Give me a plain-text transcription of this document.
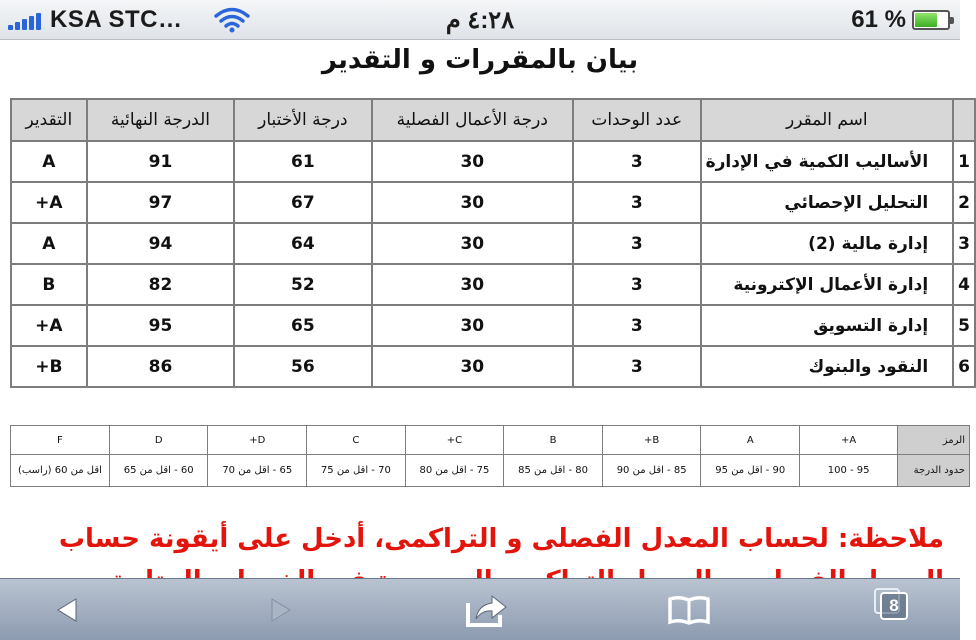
KSA STC…	٤:٢٨ م	61 %
بيان بالمقررات و التقدير
	اسم المقرر	عدد الوحدات	درجة الأعمال الفصلية	درجة الأختبار	الدرجة النهائية	التقدير
1	الأساليب الكمية في الإدارة	3	30	61	91	A
2	التحليل الإحصائي	3	30	67	97	A+
3	إدارة مالية (2)	3	30	64	94	A
4	إدارة الأعمال الإكترونية	3	30	52	82	B
5	إدارة التسويق	3	30	65	95	A+
6	النقود والبنوك	3	30	56	86	B+
الرمز	A+	A	B+	B	C+	C	D+	D	F
حدود الدرجة	95 - 100	90 - اقل من 95	85 - اقل من 90	80 - اقل من 85	75 - اقل من 80	70 - اقل من 75	65 - اقل من 70	60 - اقل من 65	اقل من 60 (راسب)
ملاحظة: لحساب المعدل الفصلى و التراكمى، أدخل على أيقونة حساب
8
